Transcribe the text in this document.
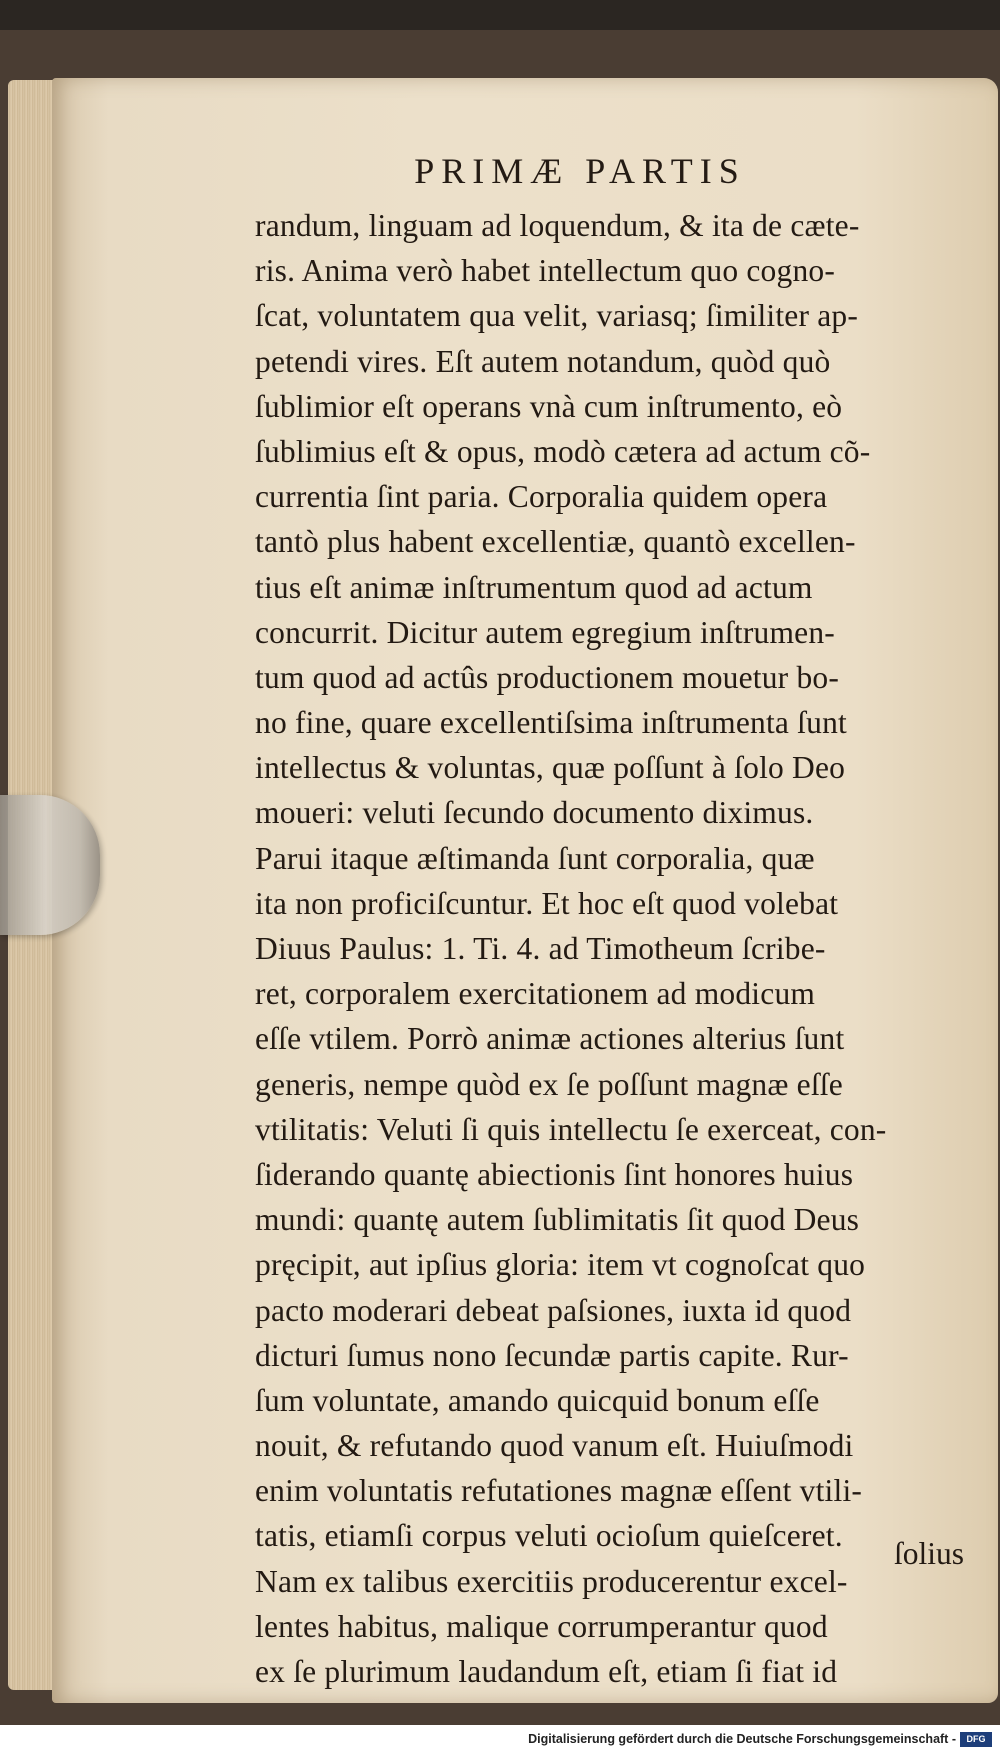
PRIMÆ PARTIS
randum, linguam ad loquendum, & ita de cæte-
ris. Anima verò habet intellectum quo cogno-
ſcat, voluntatem qua velit, variasq; ſimiliter ap-
petendi vires. Eſt autem notandum, quòd quò
ſublimior eſt operans vnà cum inſtrumento, eò
ſublimius eſt & opus, modò cætera ad actum cõ-
currentia ſint paria. Corporalia quidem opera
tantò plus habent excellentiæ, quantò excellen-
tius eſt animæ inſtrumentum quod ad actum
concurrit. Dicitur autem egregium inſtrumen-
tum quod ad actûs productionem mouetur bo-
no fine, quare excellentiſsima inſtrumenta ſunt
intellectus & voluntas, quæ poſſunt à ſolo Deo
moueri: veluti ſecundo documento diximus.
Parui itaque æſtimanda ſunt corporalia, quæ
ita non proficiſcuntur. Et hoc eſt quod volebat
Diuus Paulus: 1. Ti. 4. ad Timotheum ſcribe-
ret, corporalem exercitationem ad modicum
eſſe vtilem. Porrò animæ actiones alterius ſunt
generis, nempe quòd ex ſe poſſunt magnæ eſſe
vtilitatis: Veluti ſi quis intellectu ſe exerceat, con-
ſiderando quantę abiectionis ſint honores huius
mundi: quantę autem ſublimitatis ſit quod Deus
pręcipit, aut ipſius gloria: item vt cognoſcat quo
pacto moderari debeat paſsiones, iuxta id quod
dicturi ſumus nono ſecundæ partis capite. Rur-
ſum voluntate, amando quicquid bonum eſſe
nouit, & refutando quod vanum eſt. Huiuſmodi
enim voluntatis refutationes magnæ eſſent vtili-
tatis, etiamſi corpus veluti ocioſum quieſceret.
Nam ex talibus exercitiis producerentur excel-
lentes habitus, malique corrumperantur quod
ex ſe plurimum laudandum eſt, etiam ſi fiat id
ſolius
Digitalisierung gefördert durch die Deutsche Forschungsgemeinschaft -	DFG
